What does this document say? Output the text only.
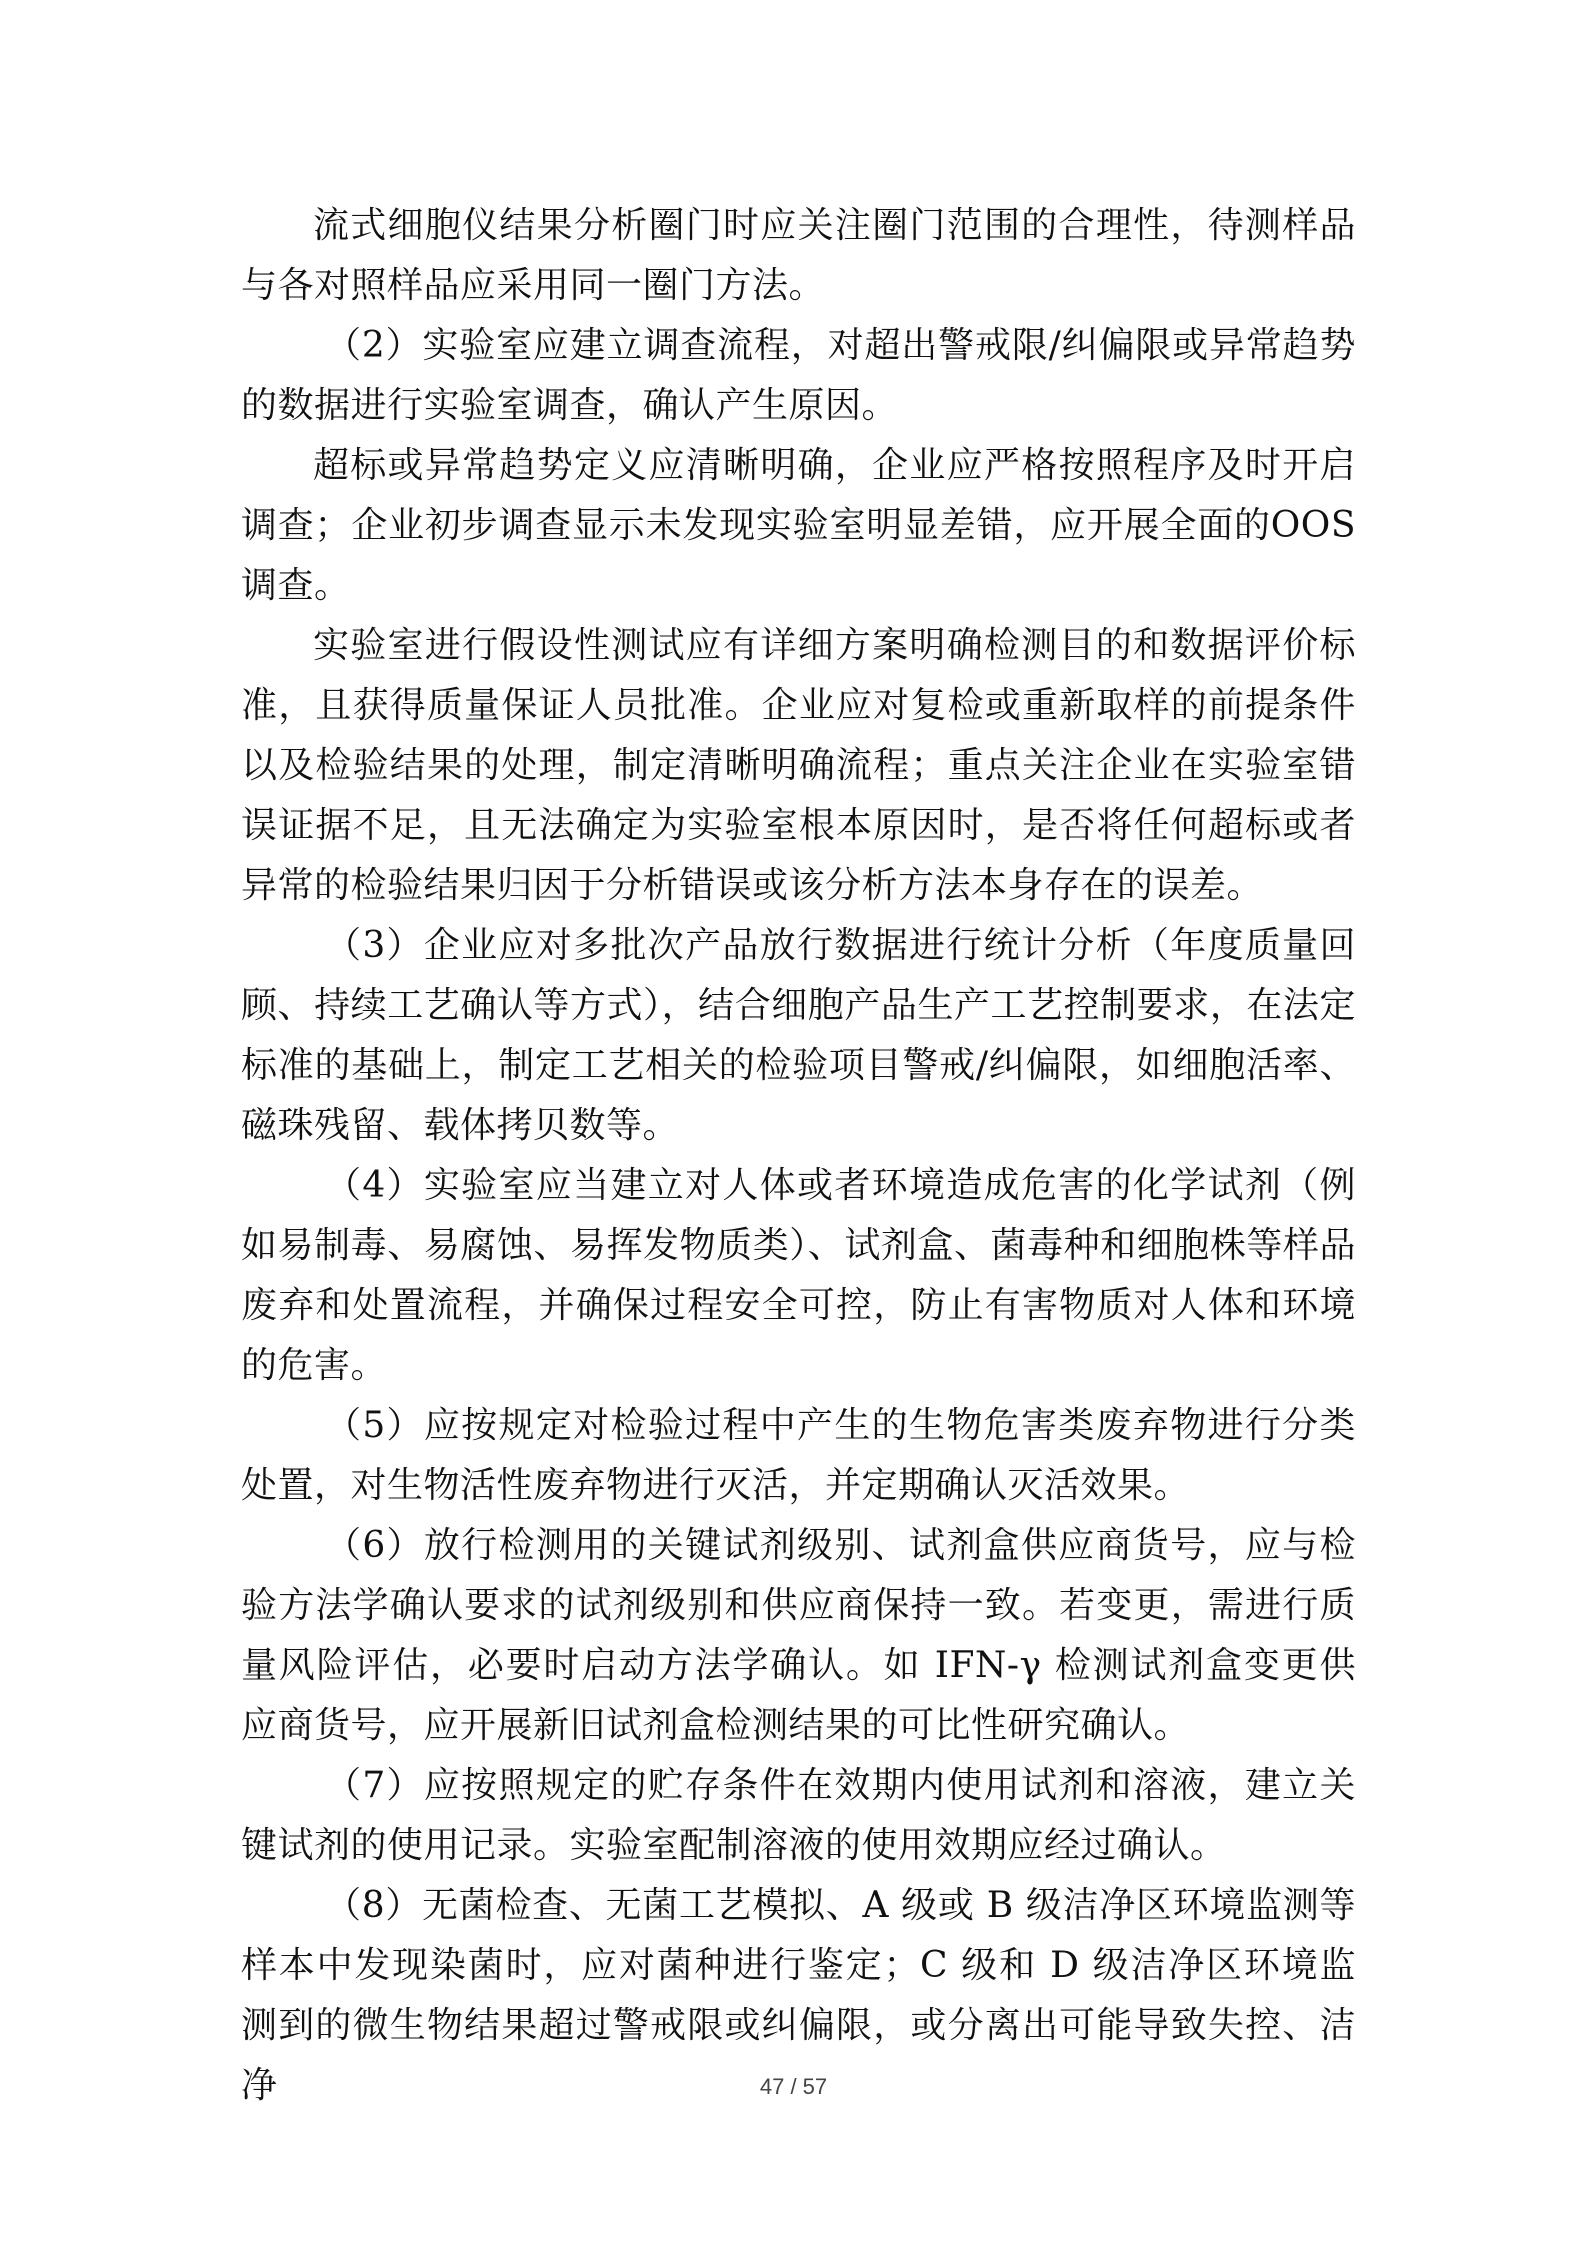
流式细胞仪结果分析圈门时应关注圈门范围的合理性，待测样品与各对照样品应采用同一圈门方法。

（2）实验室应建立调查流程，对超出警戒限/纠偏限或异常趋势的数据进行实验室调查，确认产生原因。

超标或异常趋势定义应清晰明确，企业应严格按照程序及时开启调查；企业初步调查显示未发现实验室明显差错，应开展全面的OOS调查。

实验室进行假设性测试应有详细方案明确检测目的和数据评价标准，且获得质量保证人员批准。企业应对复检或重新取样的前提条件以及检验结果的处理，制定清晰明确流程；重点关注企业在实验室错误证据不足，且无法确定为实验室根本原因时，是否将任何超标或者异常的检验结果归因于分析错误或该分析方法本身存在的误差。

（3）企业应对多批次产品放行数据进行统计分析（年度质量回顾、持续工艺确认等方式），结合细胞产品生产工艺控制要求，在法定标准的基础上，制定工艺相关的检验项目警戒/纠偏限，如细胞活率、磁珠残留、载体拷贝数等。

（4）实验室应当建立对人体或者环境造成危害的化学试剂（例如易制毒、易腐蚀、易挥发物质类）、试剂盒、菌毒种和细胞株等样品废弃和处置流程，并确保过程安全可控，防止有害物质对人体和环境的危害。

（5）应按规定对检验过程中产生的生物危害类废弃物进行分类处置，对生物活性废弃物进行灭活，并定期确认灭活效果。

（6）放行检测用的关键试剂级别、试剂盒供应商货号，应与检验方法学确认要求的试剂级别和供应商保持一致。若变更，需进行质量风险评估，必要时启动方法学确认。如 IFN-γ 检测试剂盒变更供应商货号，应开展新旧试剂盒检测结果的可比性研究确认。

（7）应按照规定的贮存条件在效期内使用试剂和溶液，建立关键试剂的使用记录。实验室配制溶液的使用效期应经过确认。

（8）无菌检查、无菌工艺模拟、A 级或 B 级洁净区环境监测等样本中发现染菌时，应对菌种进行鉴定；C 级和 D 级洁净区环境监测到的微生物结果超过警戒限或纠偏限，或分离出可能导致失控、洁净	47 / 57
